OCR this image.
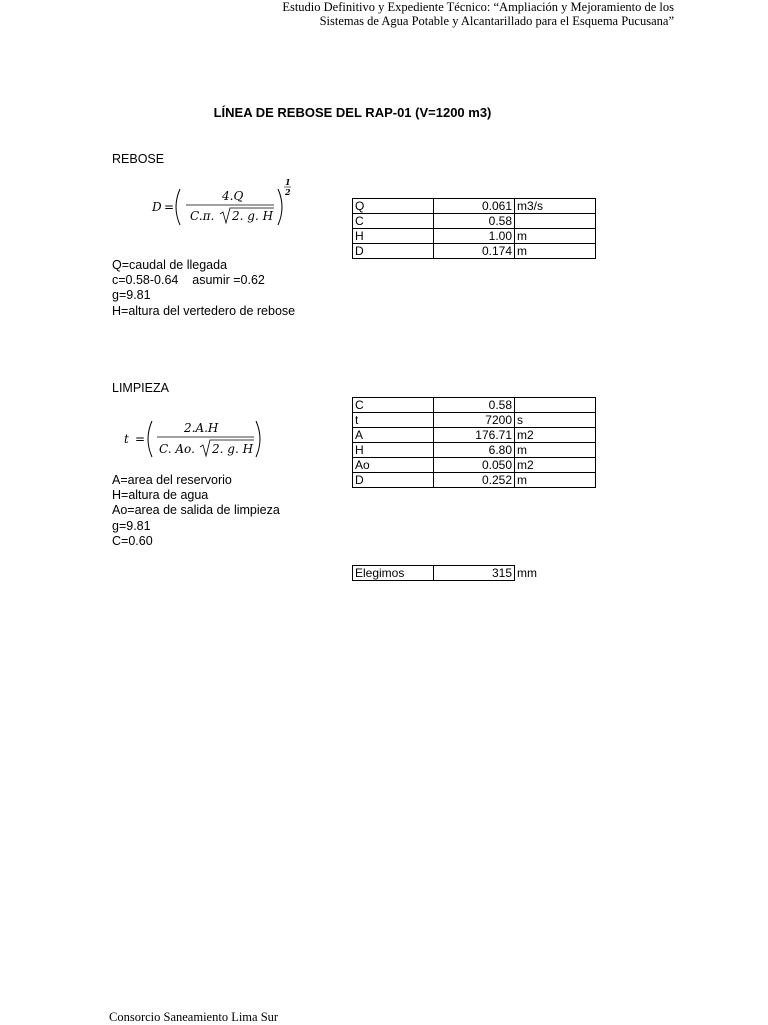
Estudio Definitivo y Expediente Técnico: “Ampliación y Mejoramiento de los
Sistemas de Agua Potable y Alcantarillado para el Esquema Pucusana”
LÍNEA DE REBOSE DEL RAP-01 (V=1200 m3)
REBOSE
D =
4.Q
C.π. 2. g. H
1
2
Q	0.061	m3/s
C	0.58	
H	1.00	m
D	0.174	m
Q=caudal de llegada
c=0.58-0.64    asumir =0.62
g=9.81
H=altura del vertedero de rebose
LIMPIEZA
t =
2.A.H
C. Ao. 2. g. H
C	0.58	
t	7200	s
A	176.71	m2
H	6.80	m
Ao	0.050	m2
D	0.252	m
A=area del reservorio
H=altura de agua
Ao=area de salida de limpieza
g=9.81
C=0.60
Elegimos	315	mm
Consorcio Saneamiento Lima Sur
